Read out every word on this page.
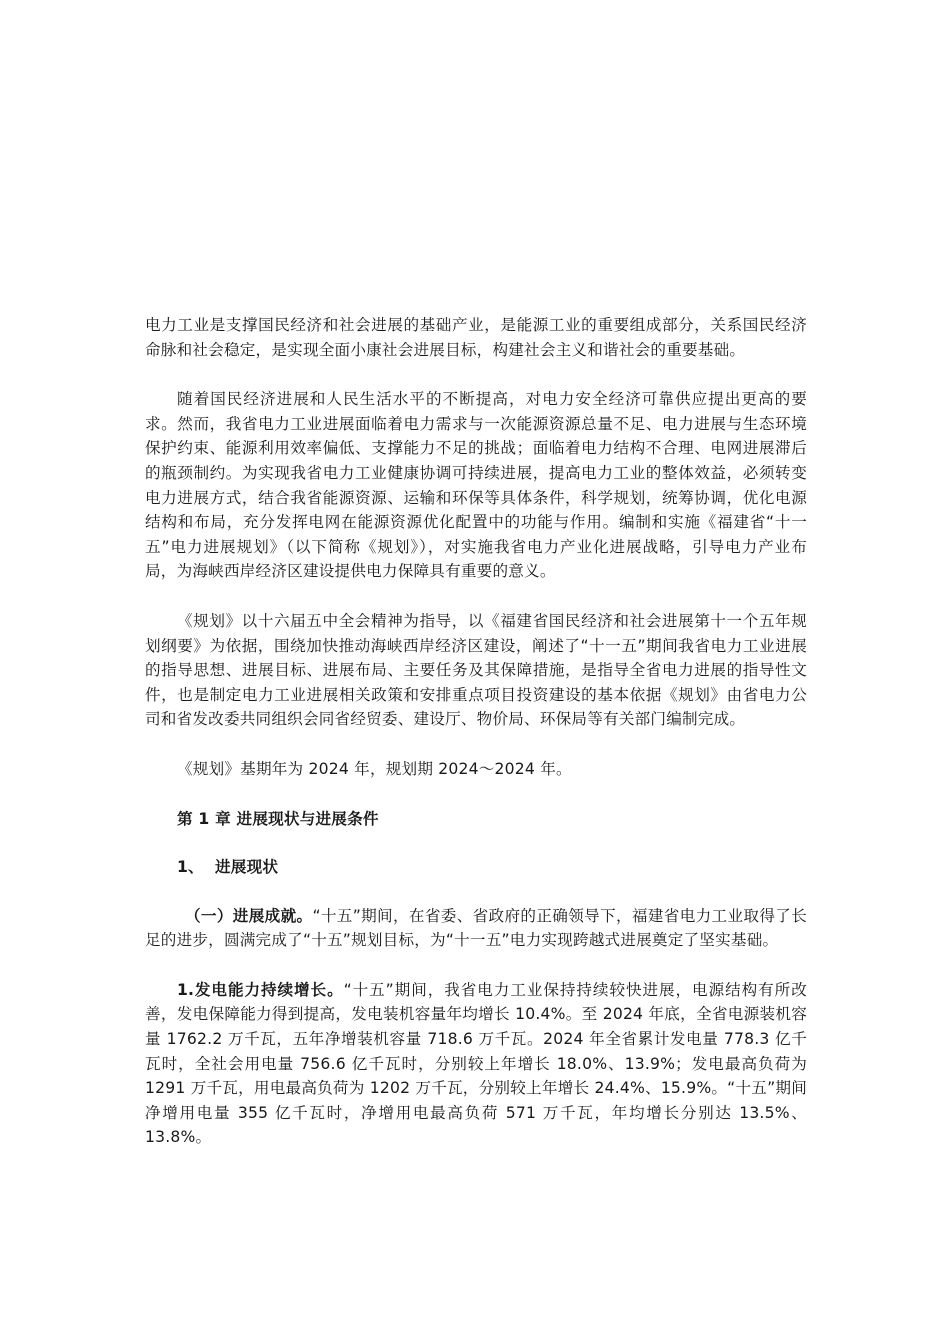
电力工业是支撑国民经济和社会进展的基础产业，是能源工业的重要组成部分，关系国民经济命脉和社会稳定，是实现全面小康社会进展目标，构建社会主义和谐社会的重要基础。

随着国民经济进展和人民生活水平的不断提高，对电力安全经济可靠供应提出更高的要求。然而，我省电力工业进展面临着电力需求与一次能源资源总量不足、电力进展与生态环境保护约束、能源利用效率偏低、支撑能力不足的挑战；面临着电力结构不合理、电网进展滞后的瓶颈制约。为实现我省电力工业健康协调可持续进展，提高电力工业的整体效益，必须转变电力进展方式，结合我省能源资源、运输和环保等具体条件，科学规划，统筹协调，优化电源结构和布局，充分发挥电网在能源资源优化配置中的功能与作用。编制和实施《福建省“十一五”电力进展规划》（以下简称《规划》），对实施我省电力产业化进展战略，引导电力产业布局，为海峡西岸经济区建设提供电力保障具有重要的意义。

《规划》以十六届五中全会精神为指导，以《福建省国民经济和社会进展第十一个五年规划纲要》为依据，围绕加快推动海峡西岸经济区建设，阐述了“十一五”期间我省电力工业进展的指导思想、进展目标、进展布局、主要任务及其保障措施，是指导全省电力进展的指导性文件，也是制定电力工业进展相关政策和安排重点项目投资建设的基本依据《规划》由省电力公司和省发改委共同组织会同省经贸委、建设厅、物价局、环保局等有关部门编制完成。

《规划》基期年为 2024 年，规划期 2024～2024 年。

第 1 章 进展现状与进展条件

1、 进展现状

（一）进展成就。“十五”期间，在省委、省政府的正确领导下，福建省电力工业取得了长足的进步，圆满完成了“十五”规划目标，为“十一五”电力实现跨越式进展奠定了坚实基础。

1.发电能力持续增长。“十五”期间，我省电力工业保持持续较快进展，电源结构有所改善，发电保障能力得到提高，发电装机容量年均增长 10.4%。至 2024 年底，全省电源装机容量 1762.2 万千瓦，五年净增装机容量 718.6 万千瓦。2024 年全省累计发电量 778.3 亿千瓦时，全社会用电量 756.6 亿千瓦时，分别较上年增长 18.0%、13.9%；发电最高负荷为 1291 万千瓦，用电最高负荷为 1202 万千瓦，分别较上年增长 24.4%、15.9%。“十五”期间净增用电量 355 亿千瓦时，净增用电最高负荷 571 万千瓦，年均增长分别达 13.5%、13.8%。
